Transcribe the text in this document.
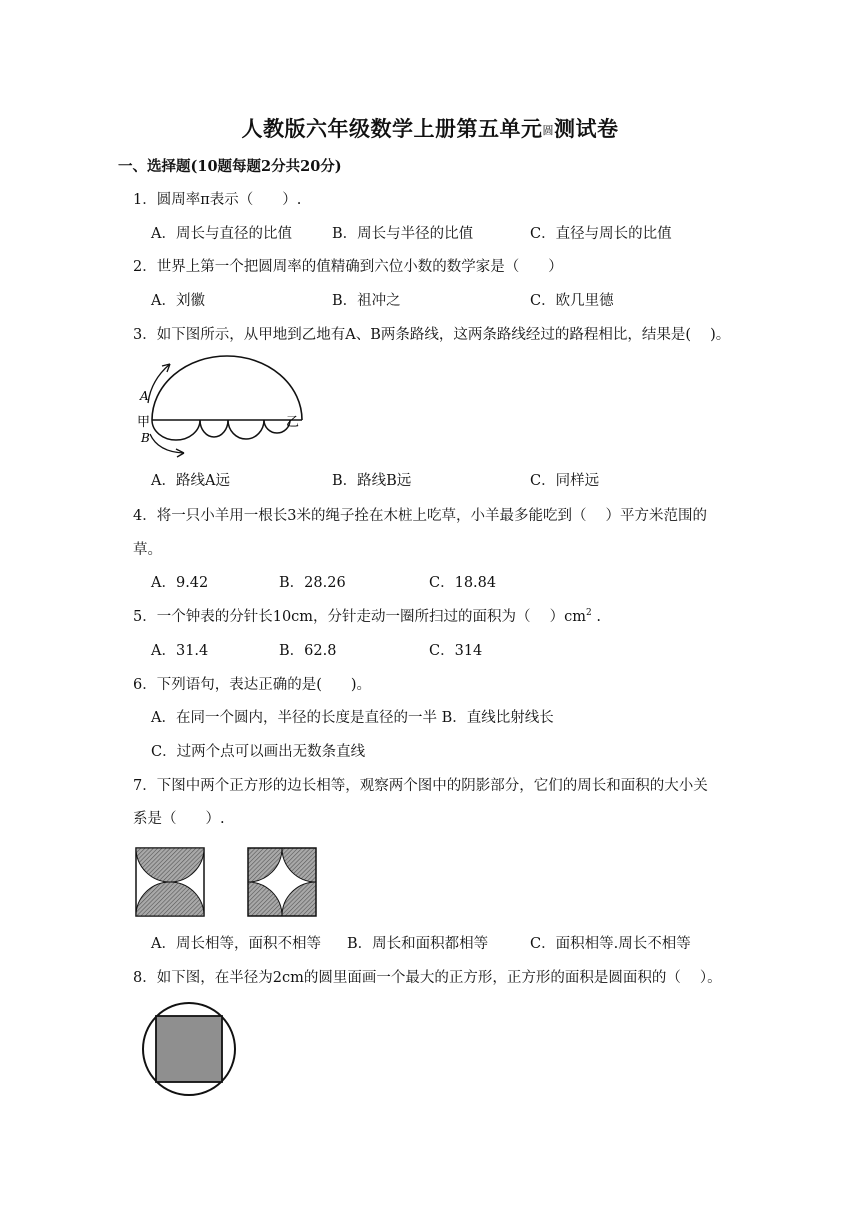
人教版六年级数学上册第五单元圆测试卷
一、选择题(10题每题2分共20分)
1．圆周率π表示（　　）.
A．周长与直径的比值	B．周长与半径的比值	C．直径与周长的比值
2．世界上第一个把圆周率的值精确到六位小数的数学家是（　　）
A．刘徽	B．祖冲之	C．欧几里德
3．如下图所示，从甲地到乙地有A、B两条路线，这两条路线经过的路程相比，结果是(　 )。
A
甲
B
乙
A．路线A远	B．路线B远	C．同样远
4．将一只小羊用一根长3米的绳子拴在木桩上吃草，小羊最多能吃到（　 ）平方米范围的
草。
A．9.42	B．28.26	C．18.84
5．一个钟表的分针长10cm，分针走动一圈所扫过的面积为（　 ）$cm^2$ .
A．31.4	B．62.8	C．314
6．下列语句，表达正确的是(　　)。
A．在同一个圆内，半径的长度是直径的一半 B．直线比射线长
C．过两个点可以画出无数条直线
7．下图中两个正方形的边长相等，观察两个图中的阴影部分，它们的周长和面积的大小关
系是（　　）.
A．周长相等，面积不相等 B．周长和面积都相等	C．面积相等.周长不相等
8．如下图，在半径为2cm的圆里面画一个最大的正方形，正方形的面积是圆面积的（　 ）。
